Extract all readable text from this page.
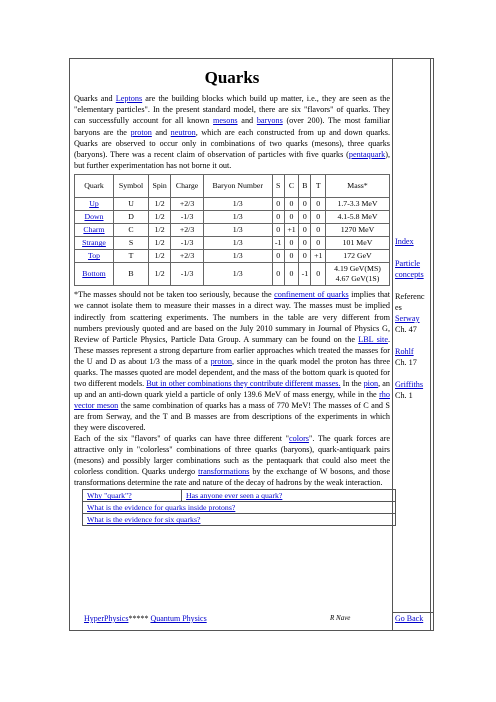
Quarks

Quarks and Leptons are the building blocks which build up matter, i.e., they are seen as the "elementary particles". In the present standard model, there are six "flavors" of quarks. They can successfully account for all known mesons and baryons (over 200). The most familiar baryons are the proton and neutron, which are each constructed from up and down quarks. Quarks are observed to occur only in combinations of two quarks (mesons), three quarks (baryons). There was a recent claim of observation of particles with five quarks (pentaquark), but further experimentation has not borne it out.

Quark	Symbol	Spin	Charge	Baryon Number	S	C	B	T	Mass*
Up	U	1/2	+2/3	1/3	0	0	0	0	1.7-3.3 MeV
Down	D	1/2	-1/3	1/3	0	0	0	0	4.1-5.8 MeV
Charm	C	1/2	+2/3	1/3	0	+1	0	0	1270 MeV
Strange	S	1/2	-1/3	1/3	-1	0	0	0	101 MeV
Top	T	1/2	+2/3	1/3	0	0	0	+1	172 GeV
Bottom	B	1/2	-1/3	1/3	0	0	-1	0	4.19 GeV(MS)
4.67 GeV(1S)

*The masses should not be taken too seriously, because the confinement of quarks implies that we cannot isolate them to measure their masses in a direct way. The masses must be implied indirectly from scattering experiments. The numbers in the table are very different from numbers previously quoted and are based on the July 2010 summary in Journal of Physics G, Review of Particle Physics, Particle Data Group. A summary can be found on the LBL site. These masses represent a strong departure from earlier approaches which treated the masses for the U and D as about 1/3 the mass of a proton, since in the quark model the proton has three quarks. The masses quoted are model dependent, and the mass of the bottom quark is quoted for two different models. But in other combinations they contribute different masses. In the pion, an up and an anti-down quark yield a particle of only 139.6 MeV of mass energy, while in the rho vector meson the same combination of quarks has a mass of 770 MeV! The masses of C and S are from Serway, and the T and B masses are from descriptions of the experiments in which they were discovered.

Each of the six "flavors" of quarks can have three different "colors". The quark forces are attractive only in "colorless" combinations of three quarks (baryons), quark-antiquark pairs (mesons) and possibly larger combinations such as the pentaquark that could also meet the colorless condition. Quarks undergo transformations by the exchange of W bosons, and those transformations determine the rate and nature of the decay of hadrons by the weak interaction.

Why "quark"?	Has anyone ever seen a quark?
What is the evidence for quarks inside protons?
What is the evidence for six quarks?
HyperPhysics***** Quantum Physics	R Nave
Index
Particle
concepts
Referenc
es
Serway
Ch. 47
Rohlf
Ch. 17
Griffiths
Ch. 1
Go Back
